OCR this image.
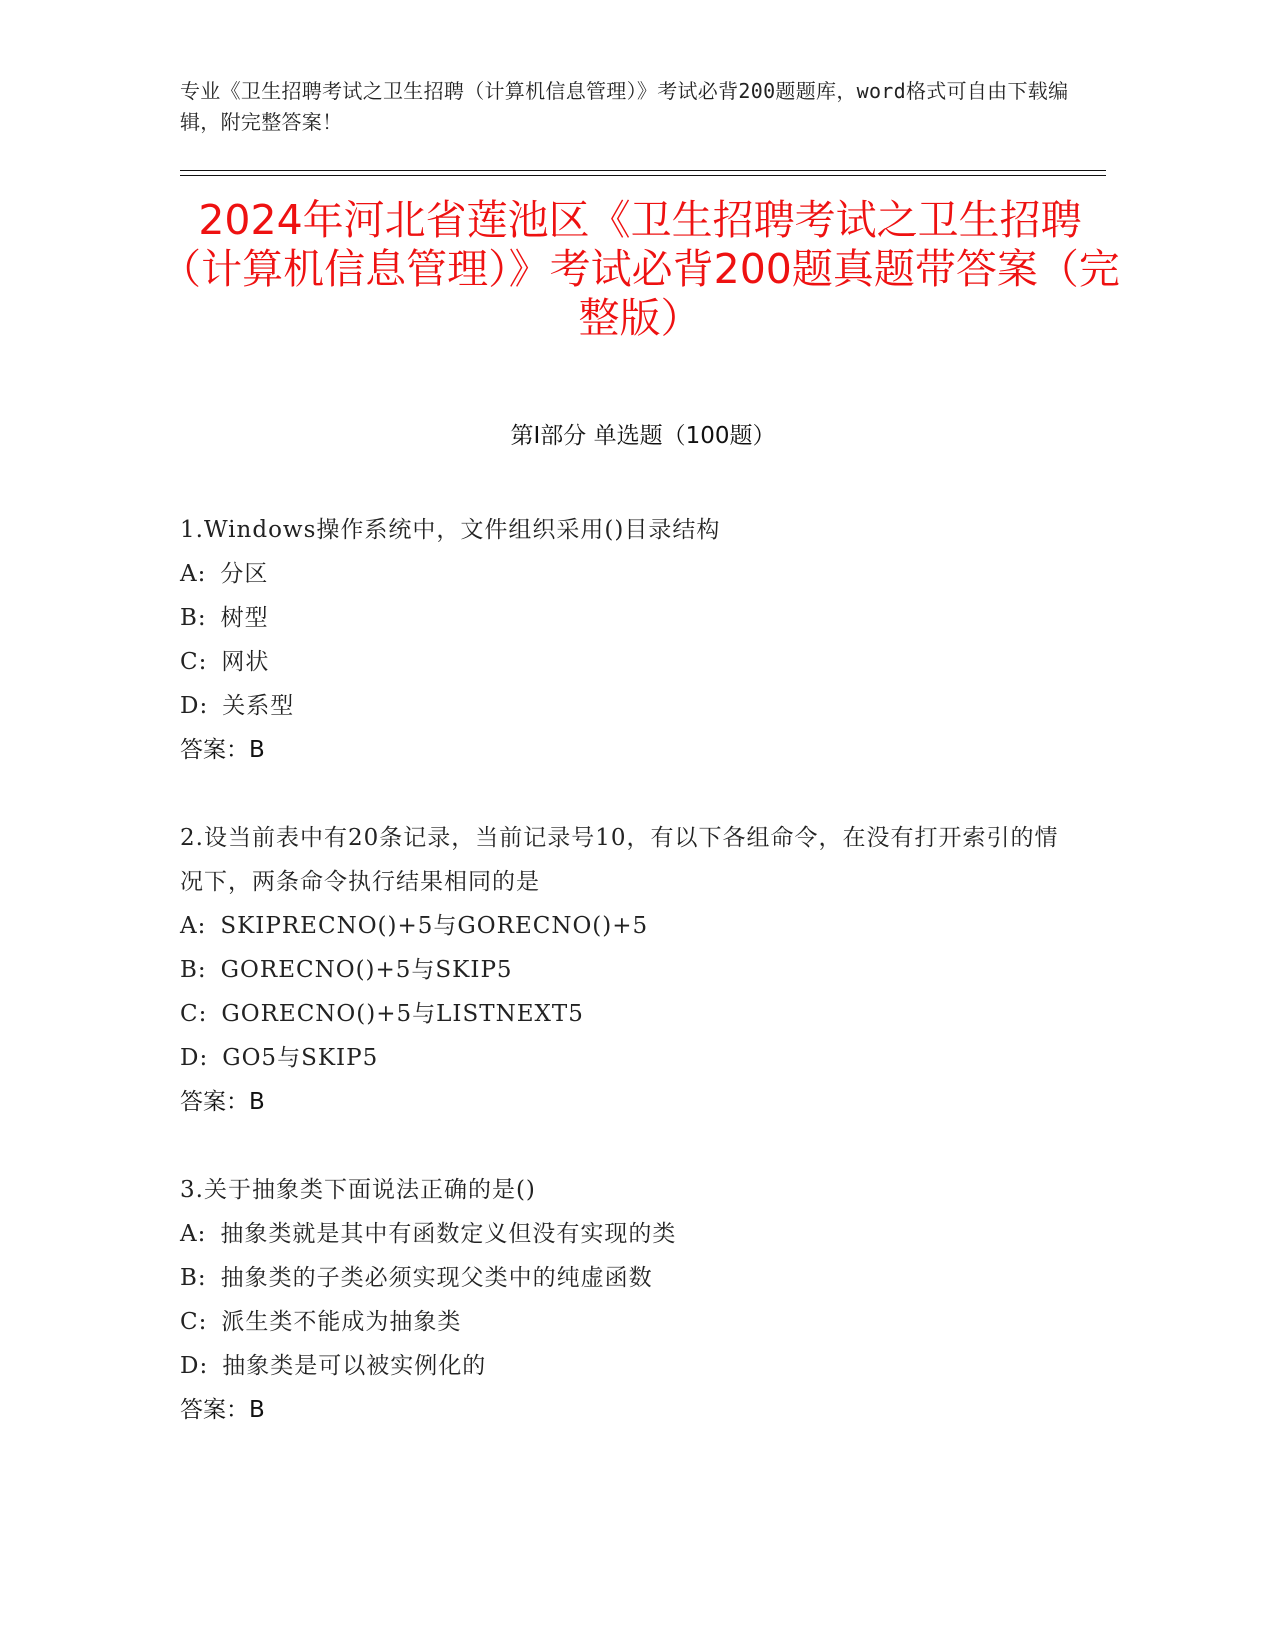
专业《卫生招聘考试之卫生招聘（计算机信息管理）》考试必背200题题库，word格式可自由下载编辑，附完整答案！
2024年河北省莲池区《卫生招聘考试之卫生招聘（计算机信息管理）》考试必背200题真题带答案（完整版）
第Ⅰ部分 单选题（100题）
1.Windows操作系统中，文件组织采用()目录结构
A: 分区
B: 树型
C: 网状
D: 关系型
答案：B
2.设当前表中有20条记录，当前记录号10，有以下各组命令，在没有打开索引的情况下，两条命令执行结果相同的是
A: SKIPRECNO()+5与GORECNO()+5
B: GORECNO()+5与SKIP5
C: GORECNO()+5与LISTNEXT5
D: GO5与SKIP5
答案：B
3.关于抽象类下面说法正确的是()
A: 抽象类就是其中有函数定义但没有实现的类
B: 抽象类的子类必须实现父类中的纯虚函数
C: 派生类不能成为抽象类
D: 抽象类是可以被实例化的
答案：B
